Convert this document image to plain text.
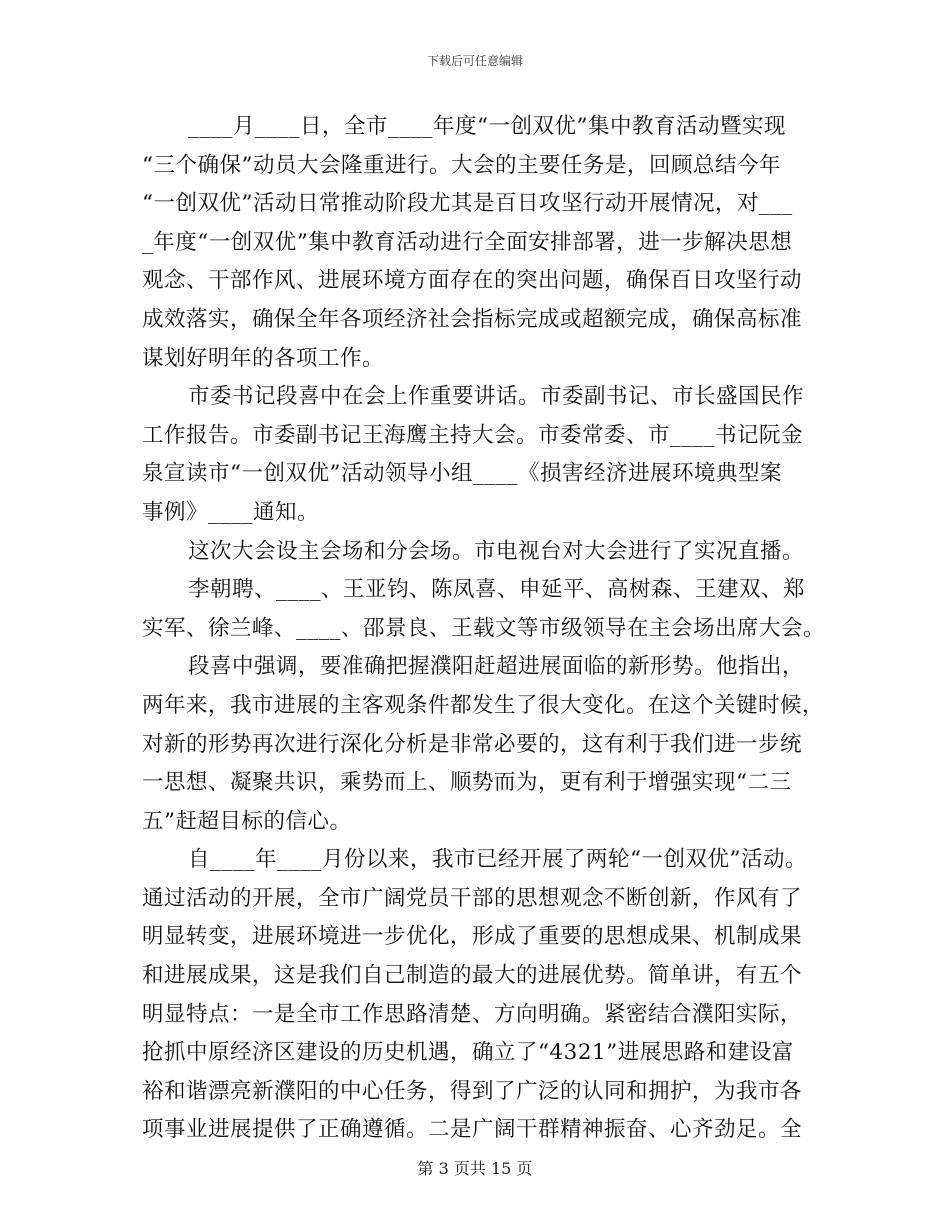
下载后可任意编辑
____月____日，全市____年度“一创双优”集中教育活动暨实现
“三个确保”动员大会隆重进行。大会的主要任务是，回顾总结今年
“一创双优”活动日常推动阶段尤其是百日攻坚行动开展情况，对___
_年度“一创双优”集中教育活动进行全面安排部署，进一步解决思想
观念、干部作风、进展环境方面存在的突出问题，确保百日攻坚行动
成效落实，确保全年各项经济社会指标完成或超额完成，确保高标准
谋划好明年的各项工作。
市委书记段喜中在会上作重要讲话。市委副书记、市长盛国民作
工作报告。市委副书记王海鹰主持大会。市委常委、市____书记阮金
泉宣读市“一创双优”活动领导小组____《损害经济进展环境典型案
事例》____通知。
这次大会设主会场和分会场。市电视台对大会进行了实况直播。
李朝聘、____、王亚钧、陈凤喜、申延平、高树森、王建双、郑
实军、徐兰峰、____、邵景良、王载文等市级领导在主会场出席大会。
段喜中强调，要准确把握濮阳赶超进展面临的新形势。他指出，
两年来，我市进展的主客观条件都发生了很大变化。在这个关键时候，
对新的形势再次进行深化分析是非常必要的，这有利于我们进一步统
一思想、凝聚共识，乘势而上、顺势而为，更有利于增强实现“二三
五”赶超目标的信心。
自____年____月份以来，我市已经开展了两轮“一创双优”活动。
通过活动的开展，全市广阔党员干部的思想观念不断创新，作风有了
明显转变，进展环境进一步优化，形成了重要的思想成果、机制成果
和进展成果，这是我们自己制造的最大的进展优势。简单讲，有五个
明显特点：一是全市工作思路清楚、方向明确。紧密结合濮阳实际，
抢抓中原经济区建设的历史机遇，确立了“4321”进展思路和建设富
裕和谐漂亮新濮阳的中心任务，得到了广泛的认同和拥护，为我市各
项事业进展提供了正确遵循。二是广阔干群精神振奋、心齐劲足。全
第 3 页共 15 页
